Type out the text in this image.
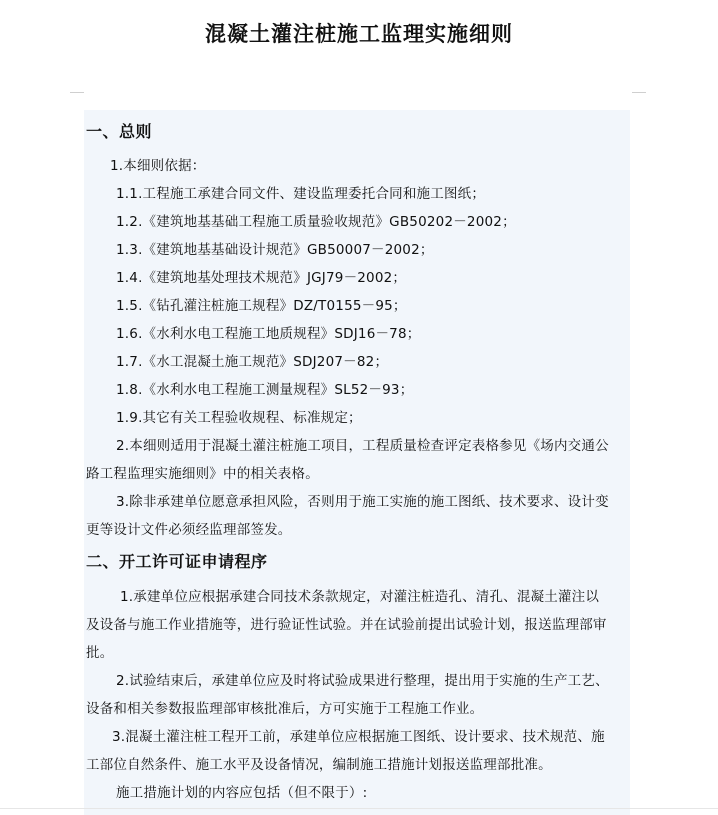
混凝土灌注桩施工监理实施细则
一、总则
1.本细则依据：
1.1.工程施工承建合同文件、建设监理委托合同和施工图纸；
1.2.《建筑地基基础工程施工质量验收规范》GB50202－2002；
1.3.《建筑地基基础设计规范》GB50007－2002；
1.4.《建筑地基处理技术规范》JGJ79－2002；
1.5.《钻孔灌注桩施工规程》DZ/T0155－95；
1.6.《水利水电工程施工地质规程》SDJ16－78；
1.7.《水工混凝土施工规范》SDJ207－82；
1.8.《水利水电工程施工测量规程》SL52－93；
1.9.其它有关工程验收规程、标准规定；
2.本细则适用于混凝土灌注桩施工项目，工程质量检查评定表格参见《场内交通公
路工程监理实施细则》中的相关表格。
3.除非承建单位愿意承担风险，否则用于施工实施的施工图纸、技术要求、设计变
更等设计文件必须经监理部签发。
二、开工许可证申请程序
1.承建单位应根据承建合同技术条款规定，对灌注桩造孔、清孔、混凝土灌注以
及设备与施工作业措施等，进行验证性试验。并在试验前提出试验计划，报送监理部审
批。
2.试验结束后，承建单位应及时将试验成果进行整理，提出用于实施的生产工艺、
设备和相关参数报监理部审核批准后，方可实施于工程施工作业。
3.混凝土灌注桩工程开工前，承建单位应根据施工图纸、设计要求、技术规范、施
工部位自然条件、施工水平及设备情况，编制施工措施计划报送监理部批准。
施工措施计划的内容应包括（但不限于）:
